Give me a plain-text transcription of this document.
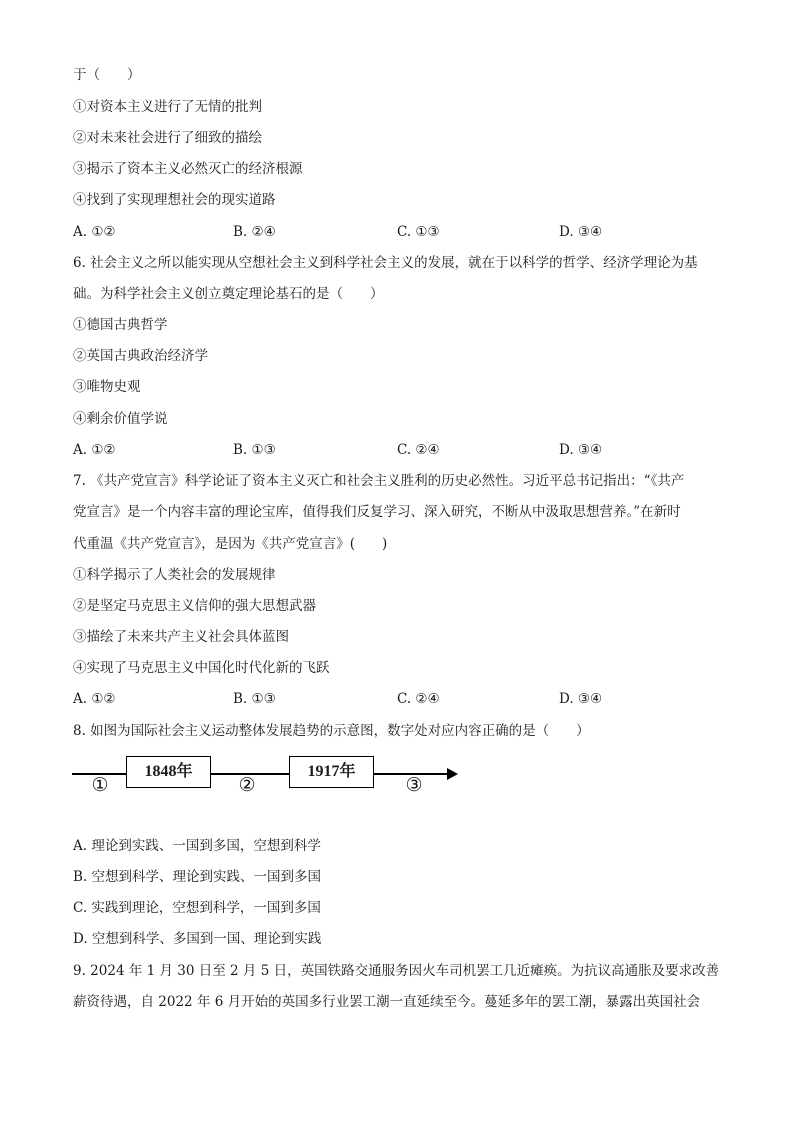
于（　　）
①对资本主义进行了无情的批判
②对未来社会进行了细致的描绘
③揭示了资本主义必然灭亡的经济根源
④找到了实现理想社会的现实道路
A. ①②	B. ②④	C. ①③	D. ③④
6. 社会主义之所以能实现从空想社会主义到科学社会主义的发展，就在于以科学的哲学、经济学理论为基
础。为科学社会主义创立奠定理论基石的是（　　）
①德国古典哲学
②英国古典政治经济学
③唯物史观
④剩余价值学说
A. ①②	B. ①③	C. ②④	D. ③④
7. 《共产党宣言》科学论证了资本主义灭亡和社会主义胜利的历史必然性。习近平总书记指出：“《共产
党宣言》是一个内容丰富的理论宝库，值得我们反复学习、深入研究，不断从中汲取思想营养。”在新时
代重温《共产党宣言》，是因为《共产党宣言》(　　)
①科学揭示了人类社会的发展规律
②是坚定马克思主义信仰的强大思想武器
③描绘了未来共产主义社会具体蓝图
④实现了马克思主义中国化时代化新的飞跃
A. ①②	B. ①③	C. ②④	D. ③④
8. 如图为国际社会主义运动整体发展趋势的示意图，数字处对应内容正确的是（　　）
1848年	1917年
①	②	③
A. 理论到实践、一国到多国，空想到科学
B. 空想到科学、理论到实践、一国到多国
C. 实践到理论，空想到科学，一国到多国
D. 空想到科学、多国到一国、理论到实践
9. 2024 年 1 月 30 日至 2 月 5 日，英国铁路交通服务因火车司机罢工几近瘫痪。为抗议高通胀及要求改善
薪资待遇，自 2022 年 6 月开始的英国多行业罢工潮一直延续至今。蔓延多年的罢工潮，暴露出英国社会
